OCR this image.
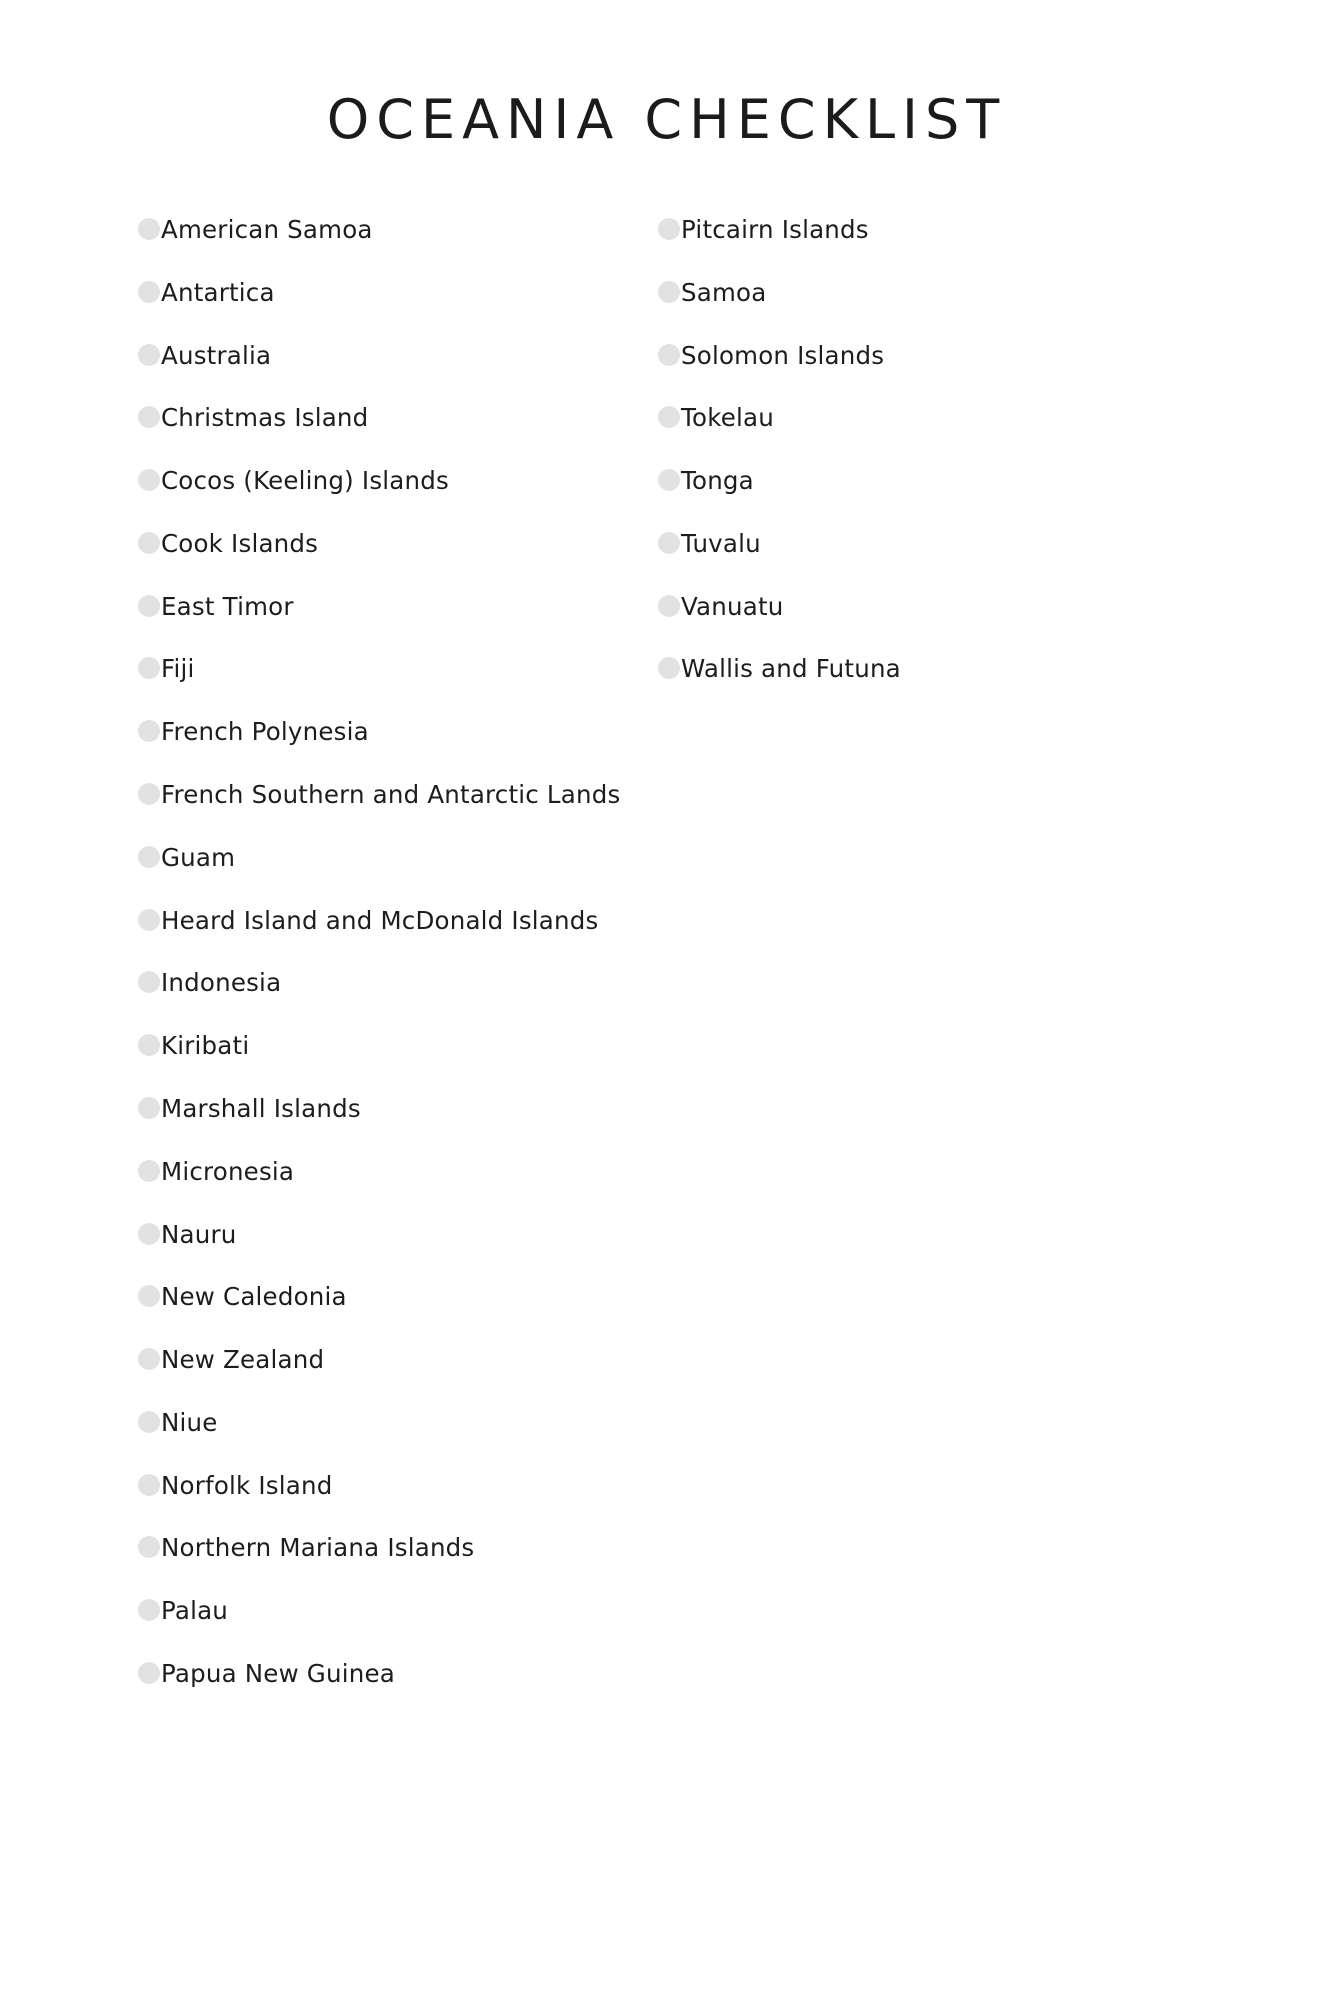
OCEANIA CHECKLIST
American Samoa
Antartica
Australia
Christmas Island
Cocos (Keeling) Islands
Cook Islands
East Timor
Fiji
French Polynesia
French Southern and Antarctic Lands
Guam
Heard Island and McDonald Islands
Indonesia
Kiribati
Marshall Islands
Micronesia
Nauru
New Caledonia
New Zealand
Niue
Norfolk Island
Northern Mariana Islands
Palau
Papua New Guinea
Pitcairn Islands
Samoa
Solomon Islands
Tokelau
Tonga
Tuvalu
Vanuatu
Wallis and Futuna
